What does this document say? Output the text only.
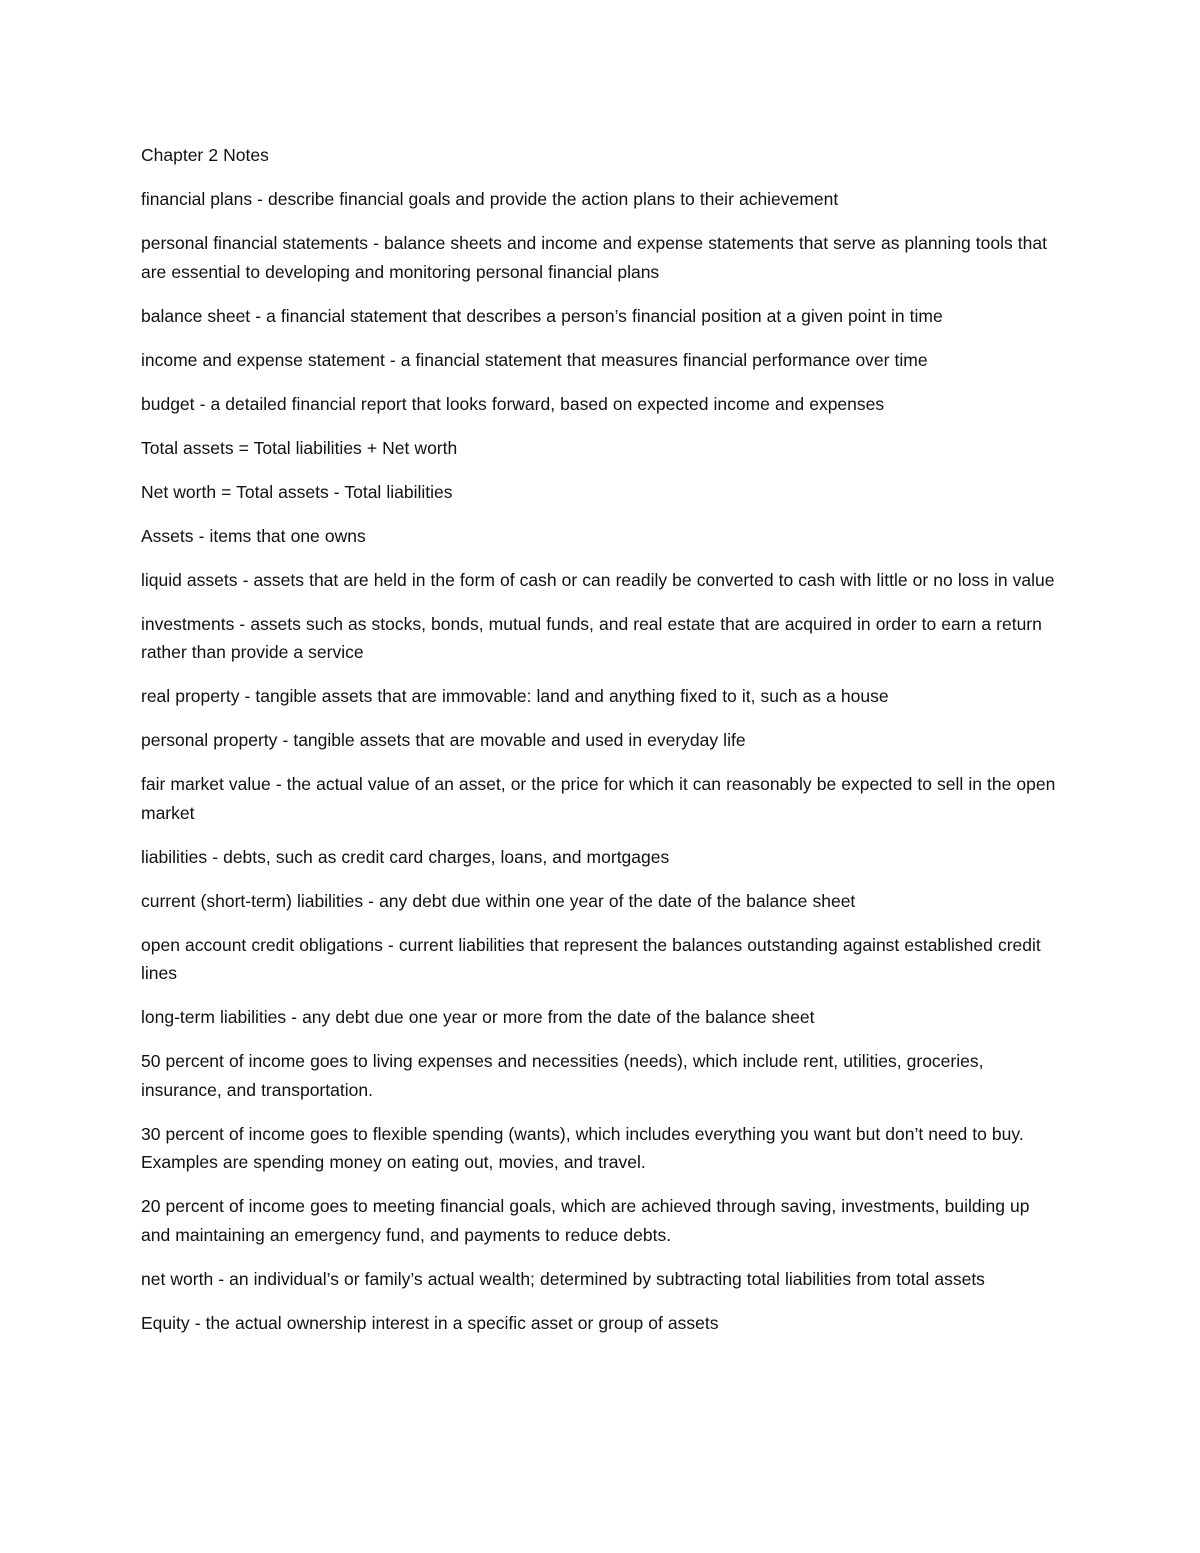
Chapter 2 Notes

financial plans - describe financial goals and provide the action plans to their achievement

personal financial statements - balance sheets and income and expense statements that serve as planning tools that are essential to developing and monitoring personal financial plans

balance sheet - a financial statement that describes a person’s financial position at a given point in time

income and expense statement - a financial statement that measures financial performance over time

budget - a detailed financial report that looks forward, based on expected income and expenses

Total assets = Total liabilities + Net worth

Net worth = Total assets - Total liabilities

Assets - items that one owns

liquid assets - assets that are held in the form of cash or can readily be converted to cash with little or no loss in value

investments - assets such as stocks, bonds, mutual funds, and real estate that are acquired in order to earn a return rather than provide a service

real property - tangible assets that are immovable: land and anything fixed to it, such as a house

personal property - tangible assets that are movable and used in everyday life

fair market value - the actual value of an asset, or the price for which it can reasonably be expected to sell in the open market

liabilities - debts, such as credit card charges, loans, and mortgages

current (short-term) liabilities - any debt due within one year of the date of the balance sheet

open account credit obligations - current liabilities that represent the balances outstanding against established credit lines

long-term liabilities - any debt due one year or more from the date of the balance sheet

50 percent of income goes to living expenses and necessities (needs), which include rent, utilities, groceries, insurance, and transportation.

30 percent of income goes to flexible spending (wants), which includes everything you want but don’t need to buy. Examples are spending money on eating out, movies, and travel.

20 percent of income goes to meeting financial goals, which are achieved through saving, investments, building up and maintaining an emergency fund, and payments to reduce debts.

net worth - an individual’s or family’s actual wealth; determined by subtracting total liabilities from total assets

Equity - the actual ownership interest in a specific asset or group of assets
